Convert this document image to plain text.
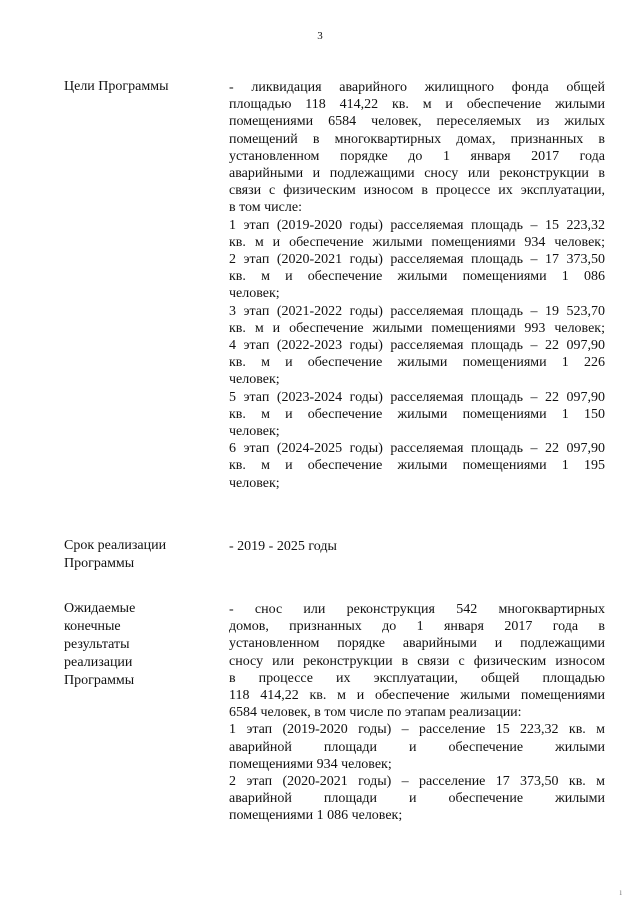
3
Цели Программы	- ликвидация аварийного жилищного фонда общей
площадью 118 414,22 кв. м и обеспечение жилыми
помещениями 6584 человек, переселяемых из жилых
помещений в многоквартирных домах, признанных в
установленном порядке до 1 января 2017 года
аварийными и подлежащими сносу или реконструкции в
связи с физическим износом в процессе их эксплуатации,
в том числе:
1 этап (2019-2020 годы) расселяемая площадь – 15 223,32
кв. м и обеспечение жилыми помещениями 934 человек;
2 этап (2020-2021 годы) расселяемая площадь – 17 373,50
кв. м и обеспечение жилыми помещениями 1 086
человек;
3 этап (2021-2022 годы) расселяемая площадь – 19 523,70
кв. м и обеспечение жилыми помещениями 993 человек;
4 этап (2022-2023 годы) расселяемая площадь – 22 097,90
кв. м и обеспечение жилыми помещениями 1 226
человек;
5 этап (2023-2024 годы) расселяемая площадь – 22 097,90
кв. м и обеспечение жилыми помещениями 1 150
человек;
6 этап (2024-2025 годы) расселяемая площадь – 22 097,90
кв. м и обеспечение жилыми помещениями 1 195
человек;
Срок реализации
Программы
- 2019 - 2025 годы
Ожидаемые
конечные
результаты
реализации
Программы
- снос или реконструкция 542 многоквартирных
домов, признанных до 1 января 2017 года в
установленном порядке аварийными и подлежащими
сносу или реконструкции в связи с физическим износом
в процессе их эксплуатации, общей площадью
118 414,22 кв. м и обеспечение жилыми помещениями
6584 человек, в том числе по этапам реализации:
1 этап (2019-2020 годы) – расселение 15 223,32 кв. м
аварийной площади и обеспечение жилыми
помещениями 934 человек;
2 этап (2020-2021 годы) – расселение 17 373,50 кв. м
аварийной площади и обеспечение жилыми
помещениями 1 086 человек;
ı
